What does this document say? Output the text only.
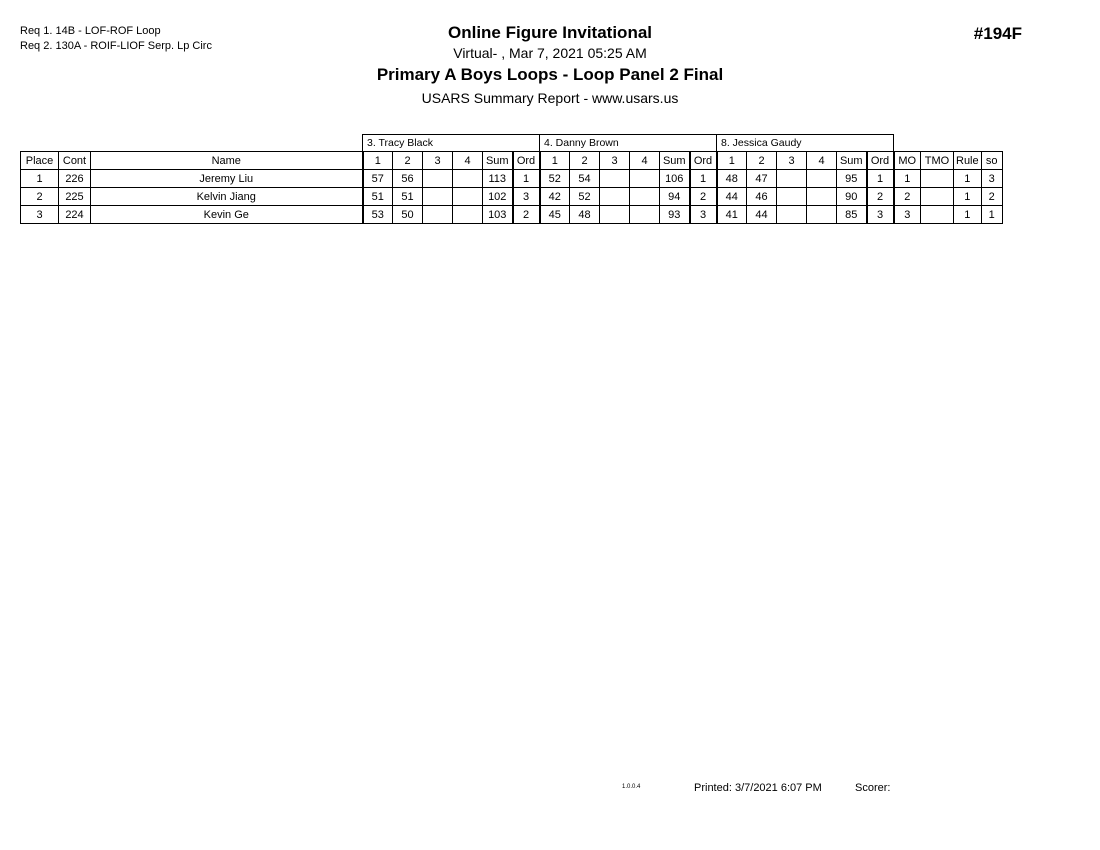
Req 1. 14B - LOF-ROF Loop
Req 2. 130A - ROIF-LIOF Serp. Lp Circ
Online Figure Invitational
Virtual- , Mar 7, 2021 05:25 AM
Primary A Boys Loops - Loop Panel 2 Final
USARS Summary Report - www.usars.us
#194F
			3. Tracy Black						4. Danny Brown						8. Jessica Gaudy									
Place	Cont	Name	1	2	3	4	Sum	Ord	1	2	3	4	Sum	Ord	1	2	3	4	Sum	Ord	MO	TMO	Rule	so
1	226	Jeremy Liu	57	56			113	1	52	54			106	1	48	47			95	1	1		1	3
2	225	Kelvin Jiang	51	51			102	3	42	52			94	2	44	46			90	2	2		1	2
3	224	Kevin Ge	53	50			103	2	45	48			93	3	41	44			85	3	3		1	1
1.0.0.4	Printed: 3/7/2021 6:07 PM	Scorer:
